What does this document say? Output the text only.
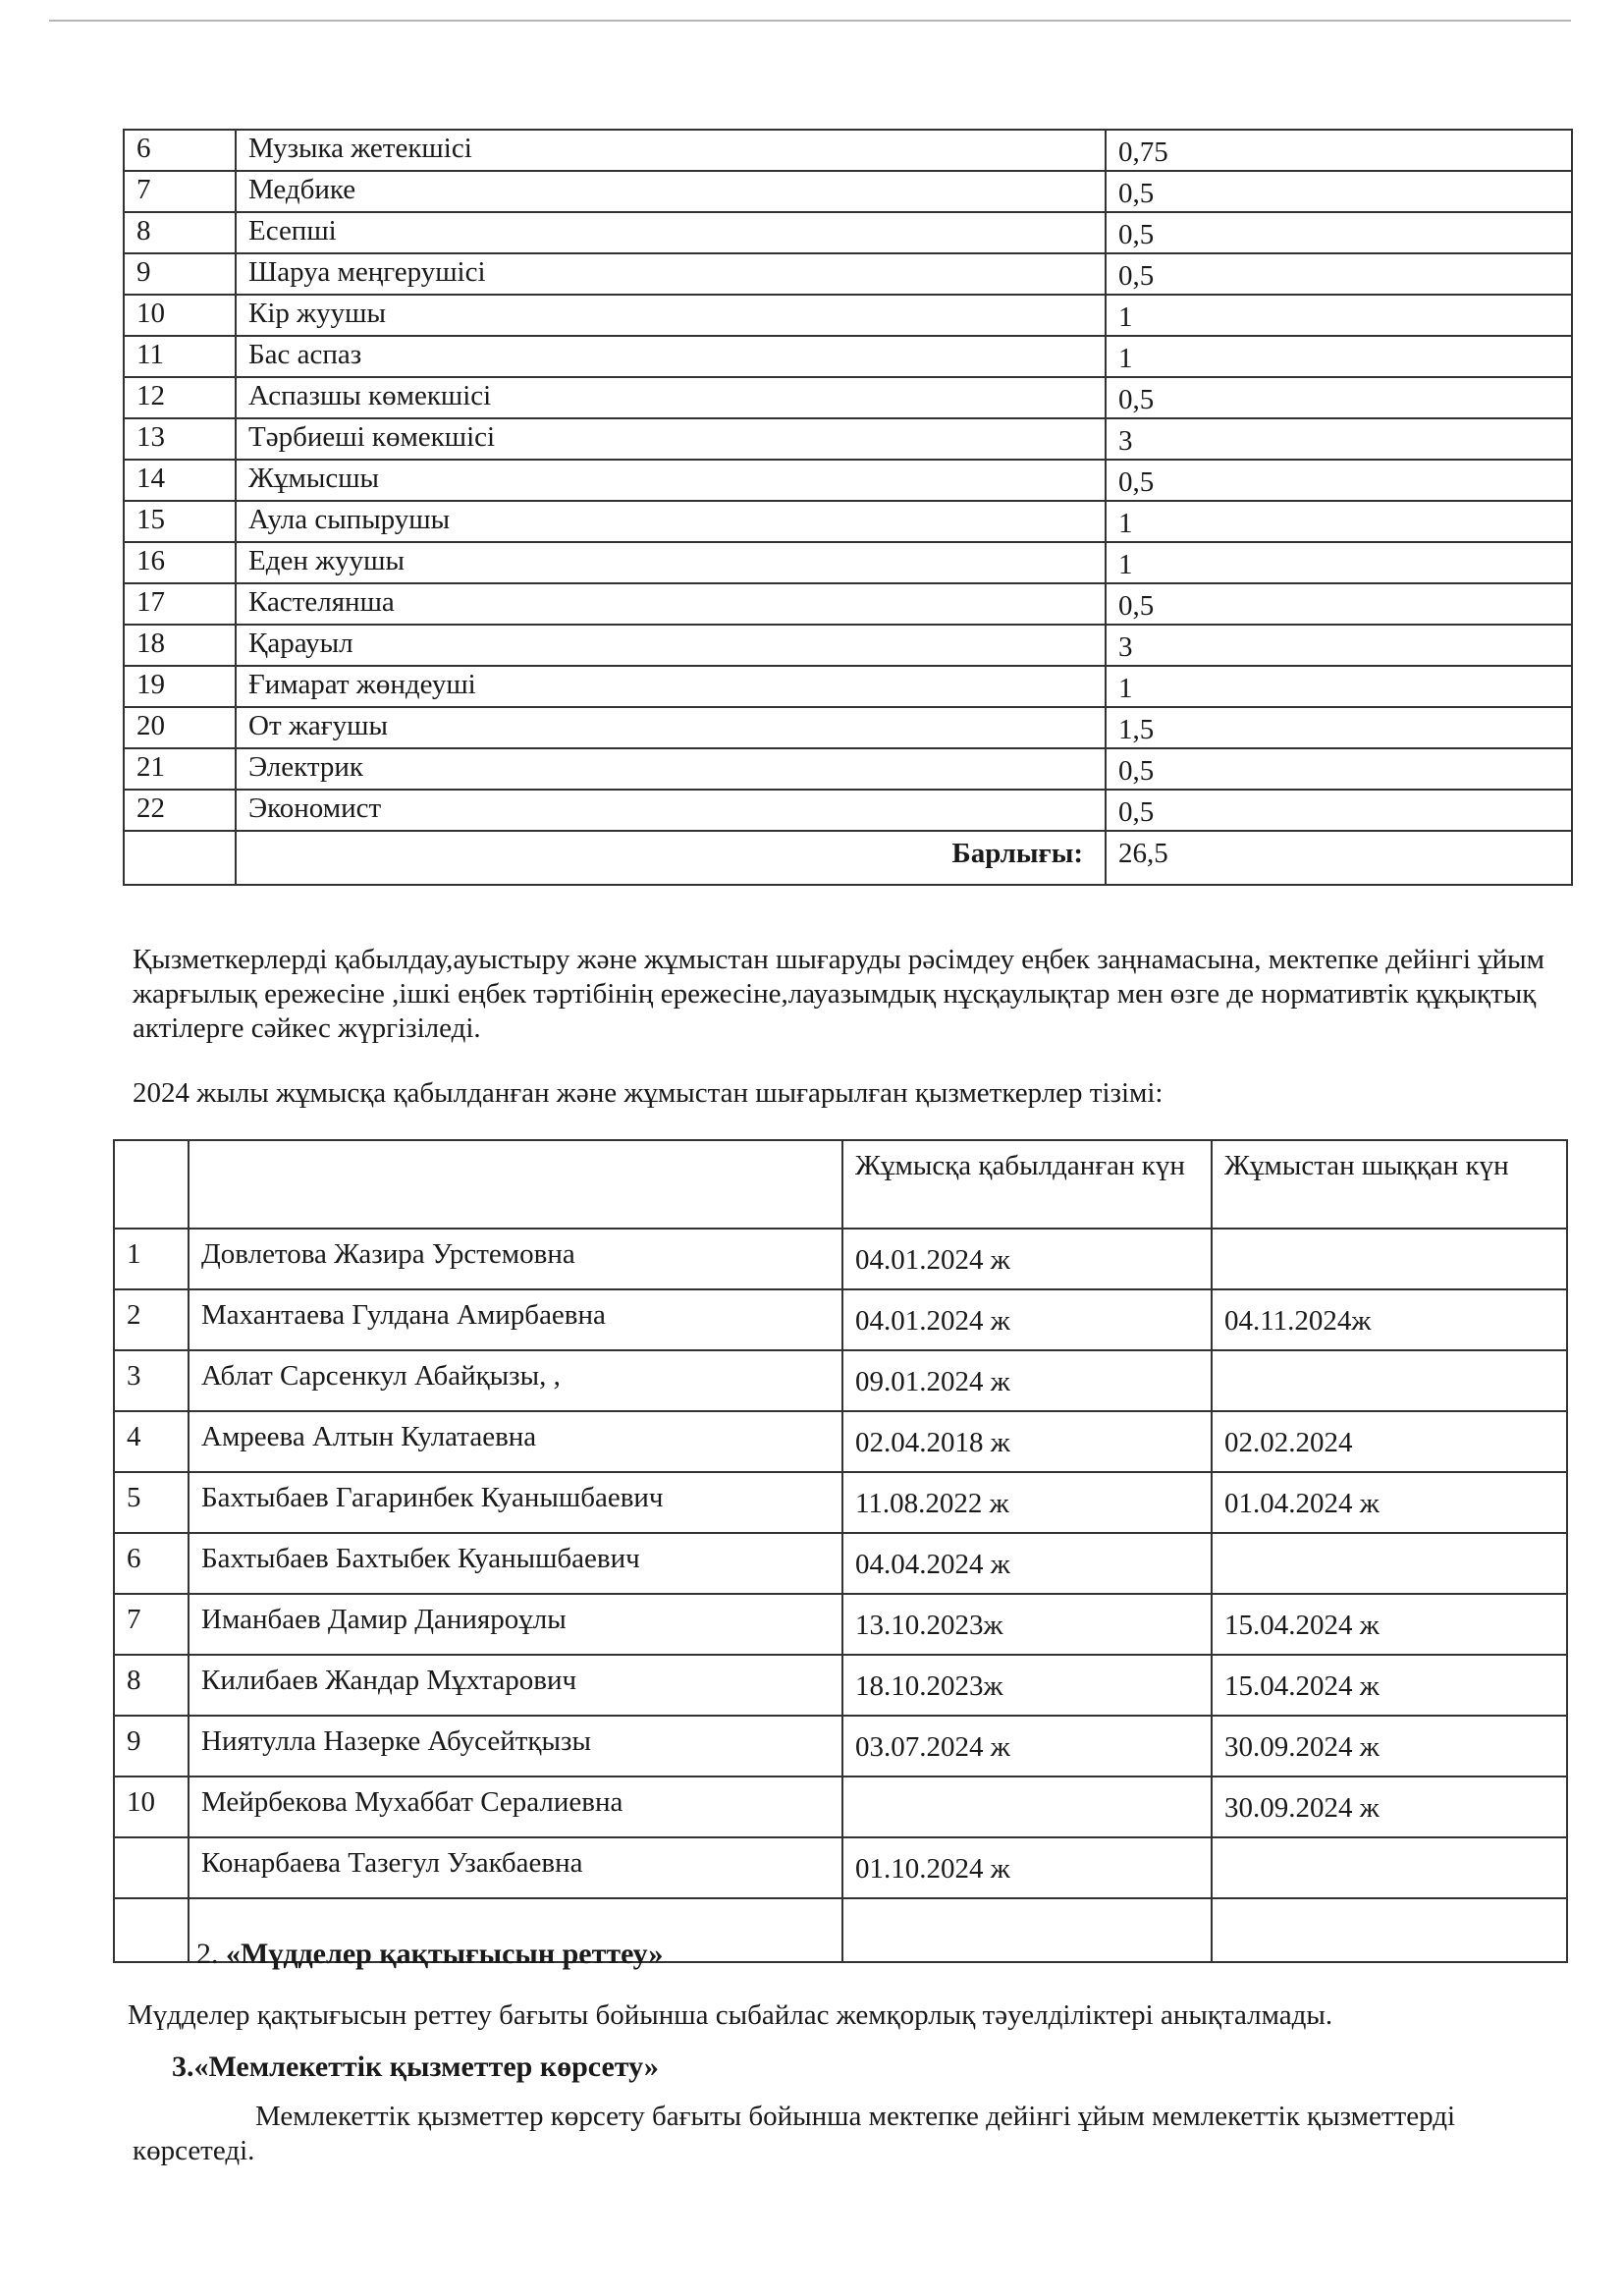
6	Музыка жетекшісі	0,75
7	Медбике	0,5
8	Есепші	0,5
9	Шаруа меңгерушісі	0,5
10	Кір жуушы	1
11	Бас аспаз	1
12	Аспазшы көмекшісі	0,5
13	Тәрбиеші көмекшісі	3
14	Жұмысшы	0,5
15	Аула сыпырушы	1
16	Еден жуушы	1
17	Кастелянша	0,5
18	Қарауыл	3
19	Ғимарат жөндеуші	1
20	От жағушы	1,5
21	Электрик	0,5
22	Экономист	0,5
	Барлығы:	26,5

Қызметкерлерді қабылдау,ауыстыру және жұмыстан шығаруды рәсімдеу еңбек заңнамасына, мектепке дейінгі ұйым жарғылық ережесіне ,ішкі еңбек тәртібінің ережесіне,лауазымдық нұсқаулықтар мен өзге де нормативтік құқықтық актілерге сәйкес жүргізіледі.

2024 жылы жұмысқа қабылданған және жұмыстан шығарылған қызметкерлер тізімі:

		Жұмысқа қабылданған күн	Жұмыстан шыққан күн
1	Довлетова Жазира Урстемовна	04.01.2024 ж	
2	Махантаева Гулдана Амирбаевна	04.01.2024 ж	04.11.2024ж
3	Аблат Сарсенкул Абайқызы, ,	09.01.2024 ж	
4	Амреева Алтын Кулатаевна	02.04.2018 ж	02.02.2024
5	Бахтыбаев Гагаринбек Куанышбаевич	11.08.2022 ж	01.04.2024 ж
6	Бахтыбаев Бахтыбек Куанышбаевич	04.04.2024 ж	
7	Иманбаев Дамир Данияроұлы	13.10.2023ж	15.04.2024 ж
8	Килибаев Жандар Мұхтарович	18.10.2023ж	15.04.2024 ж
9	Ниятулла Назерке Абусейтқызы	03.07.2024 ж	30.09.2024 ж
10	Мейрбекова Мухаббат Сералиевна		30.09.2024 ж
	Конарбаева Тазегул Узакбаевна	01.10.2024 ж	

2. «Мүдделер қақтығысын реттеу»

Мүдделер қақтығысын реттеу бағыты бойынша сыбайлас жемқорлық тәуелділіктері анықталмады.

3.«Мемлекеттік қызметтер көрсету»

Мемлекеттік қызметтер көрсету бағыты бойынша мектепке дейінгі ұйым мемлекеттік қызметтерді көрсетеді.
